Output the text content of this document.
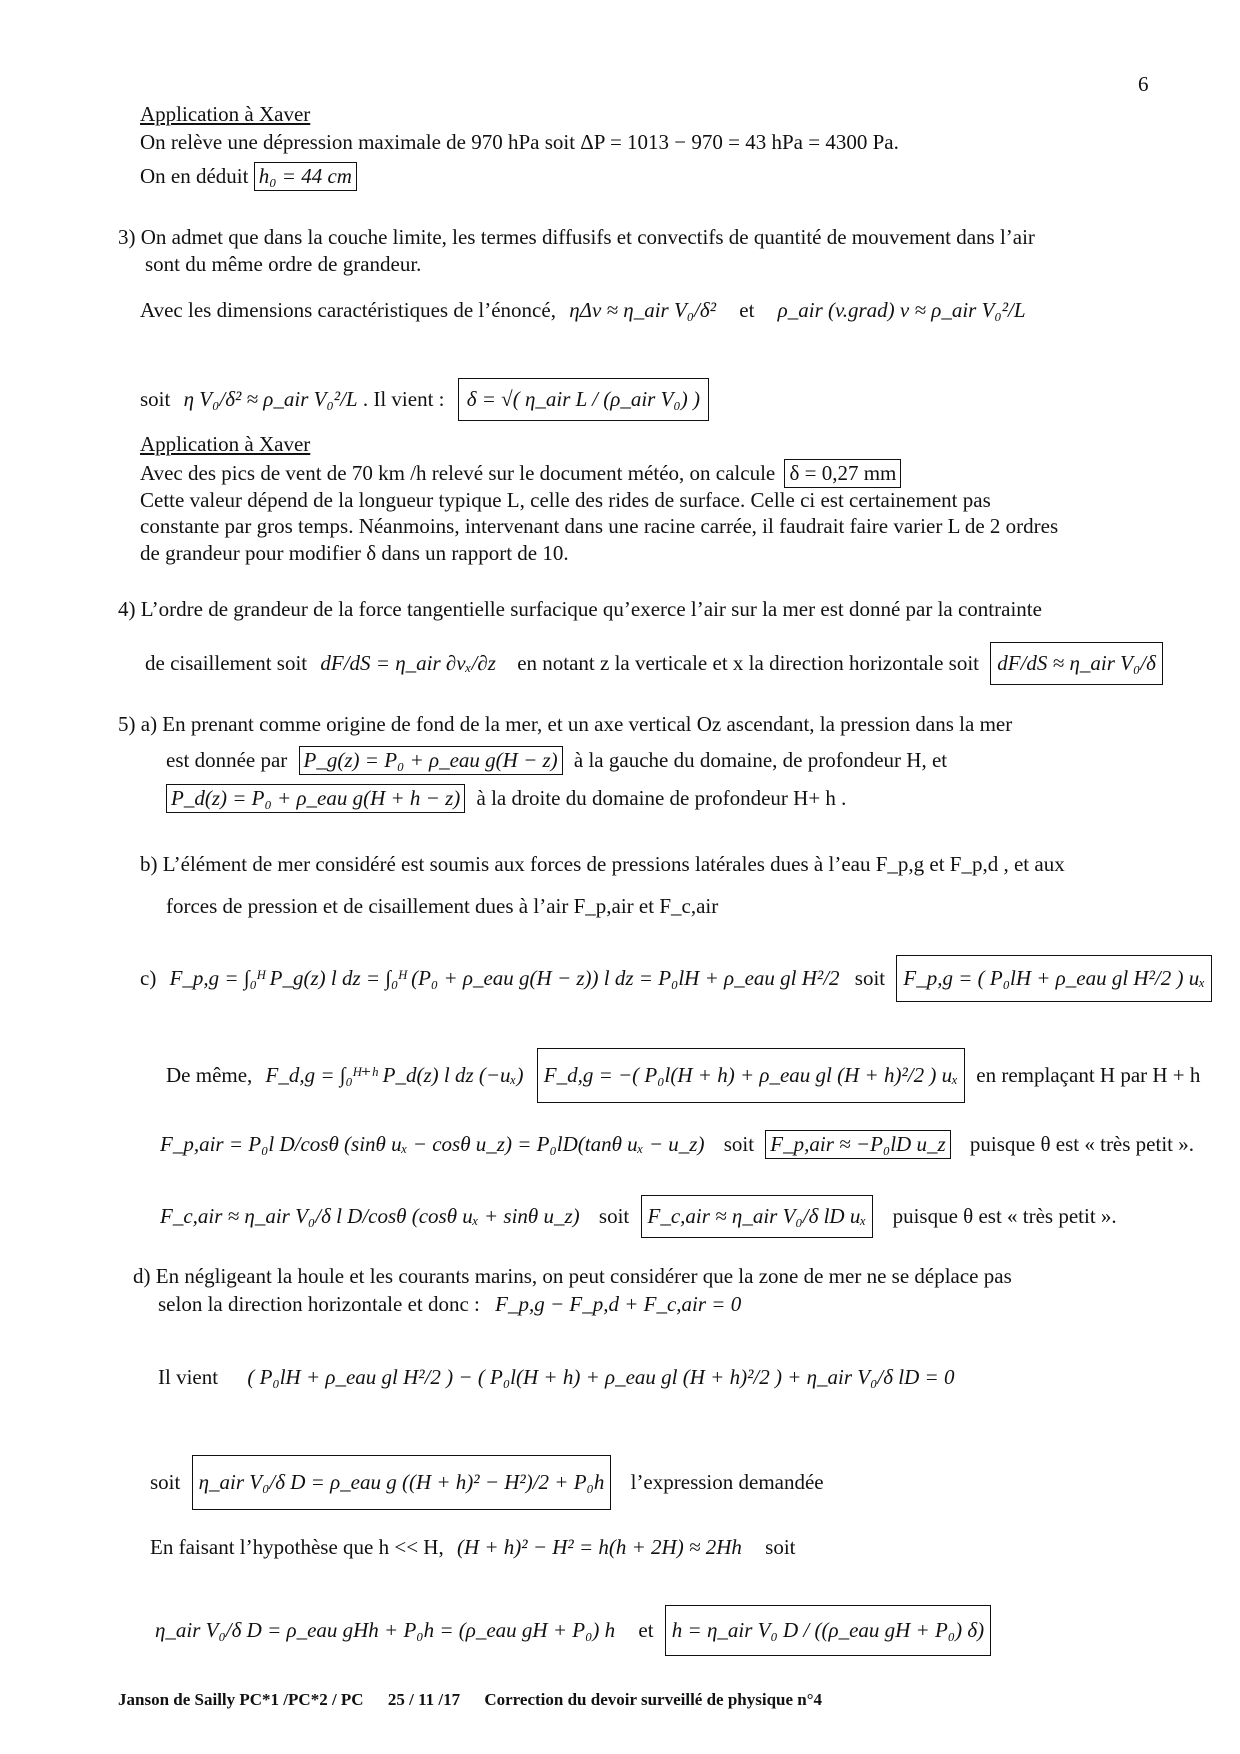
6
Application à Xaver
On relève une dépression maximale de 970 hPa soit ΔP = 1013 − 970 = 43 hPa = 4300 Pa.
On en déduit h₀ = 44 cm
3) On admet que dans la couche limite, les termes diffusifs et convectifs de quantité de mouvement dans l’air
sont du même ordre de grandeur.
Avec les dimensions caractéristiques de l’énoncé, ηΔv ≈ η_air V₀/δ² et ρ_air (v.grad) v ≈ ρ_air V₀²/L
soit η V₀/δ² ≈ ρ_air V₀²/L . Il vient : δ = √( η_air L / (ρ_air V₀) )
Application à Xaver
Avec des pics de vent de 70 km /h relevé sur le document météo, on calcule δ = 0,27 mm
Cette valeur dépend de la longueur typique L, celle des rides de surface. Celle ci est certainement pas
constante par gros temps. Néanmoins, intervenant dans une racine carrée, il faudrait faire varier L de 2 ordres
de grandeur pour modifier δ dans un rapport de 10.
4) L’ordre de grandeur de la force tangentielle surfacique qu’exerce l’air sur la mer est donné par la contrainte
de cisaillement soit dF/dS = η_air ∂vₓ/∂z en notant z la verticale et x la direction horizontale soit dF/dS ≈ η_air V₀/δ
5) a) En prenant comme origine de fond de la mer, et un axe vertical Oz ascendant, la pression dans la mer
est donnée par P_g(z) = P₀ + ρ_eau g(H − z) à la gauche du domaine, de profondeur H, et
P_d(z) = P₀ + ρ_eau g(H + h − z) à la droite du domaine de profondeur H+ h .
b) L’élément de mer considéré est soumis aux forces de pressions latérales dues à l’eau F_p,g et F_p,d , et aux
forces de pression et de cisaillement dues à l’air F_p,air et F_c,air
c) F_p,g = ∫₀ᴴ P_g(z) l dz = ∫₀ᴴ (P₀ + ρ_eau g(H − z)) l dz = P₀lH + ρ_eau gl H²/2 soit F_p,g = ( P₀lH + ρ_eau gl H²/2 ) uₓ
De même, F_d,g = ∫₀ᴴ⁺ʰ P_d(z) l dz (−uₓ) F_d,g = −( P₀l(H + h) + ρ_eau gl (H + h)²/2 ) uₓ en remplaçant H par H + h
F_p,air = P₀l D/cosθ (sinθ uₓ − cosθ u_z) = P₀lD(tanθ uₓ − u_z) soit F_p,air ≈ −P₀lD u_z puisque θ est « très petit ».
F_c,air ≈ η_air V₀/δ l D/cosθ (cosθ uₓ + sinθ u_z) soit F_c,air ≈ η_air V₀/δ lD uₓ puisque θ est « très petit ».
d) En négligeant la houle et les courants marins, on peut considérer que la zone de mer ne se déplace pas
selon la direction horizontale et donc : F_p,g − F_p,d + F_c,air = 0
Il vient ( P₀lH + ρ_eau gl H²/2 ) − ( P₀l(H + h) + ρ_eau gl (H + h)²/2 ) + η_air V₀/δ lD = 0
soit η_air V₀/δ D = ρ_eau g ((H + h)² − H²)/2 + P₀h l’expression demandée
En faisant l’hypothèse que h << H, (H + h)² − H² = h(h + 2H) ≈ 2Hh soit
η_air V₀/δ D = ρ_eau gHh + P₀h = (ρ_eau gH + P₀) h et h = η_air V₀ D / ((ρ_eau gH + P₀) δ)
Janson de Sailly PC*1 /PC*2 / PC 25 / 11 /17 Correction du devoir surveillé de physique n°4
